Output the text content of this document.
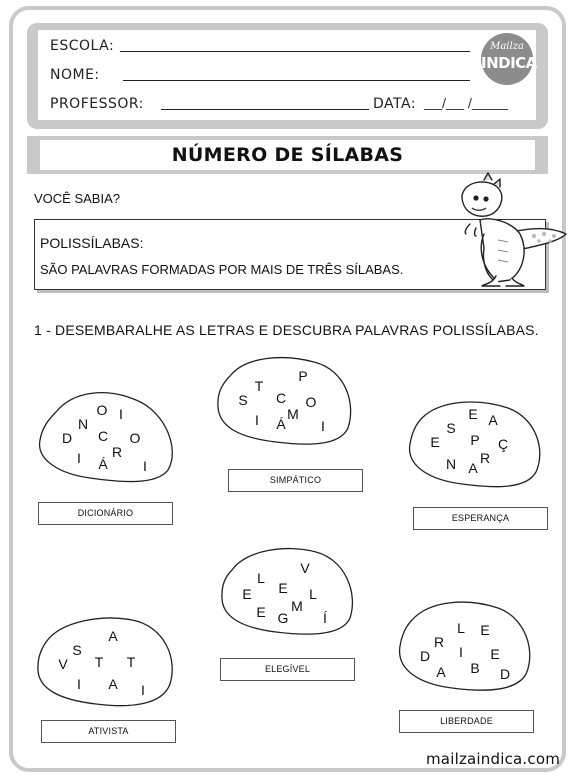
ESCOLA:
NOME:
PROFESSOR:	DATA: ___/___ /______
Mailza
INDICA
NÚMERO DE SÍLABAS
VOCÊ SABIA?
POLISSÍLABAS:
SÃO PALAVRAS FORMADAS POR MAIS DE TRÊS SÍLABAS.
1 - DESEMBARALHE AS LETRAS E DESCUBRA PALAVRAS POLISSÍLABAS.
O I
N
D C O
R
I	Á	I
DICIONÁRIO
P
T
C
S	O
M
I	Á	I
SIMPÁTICO
E A
S
E P Ç
R
N A
ESPERANÇA
V
L
E
E	L
M
E G	Í
ELEGÍVEL
A
S
V T T
I	A	I
ATIVISTA
L E
R
D	I	E
B
A	D
LIBERDADE
mailzaindica.com
